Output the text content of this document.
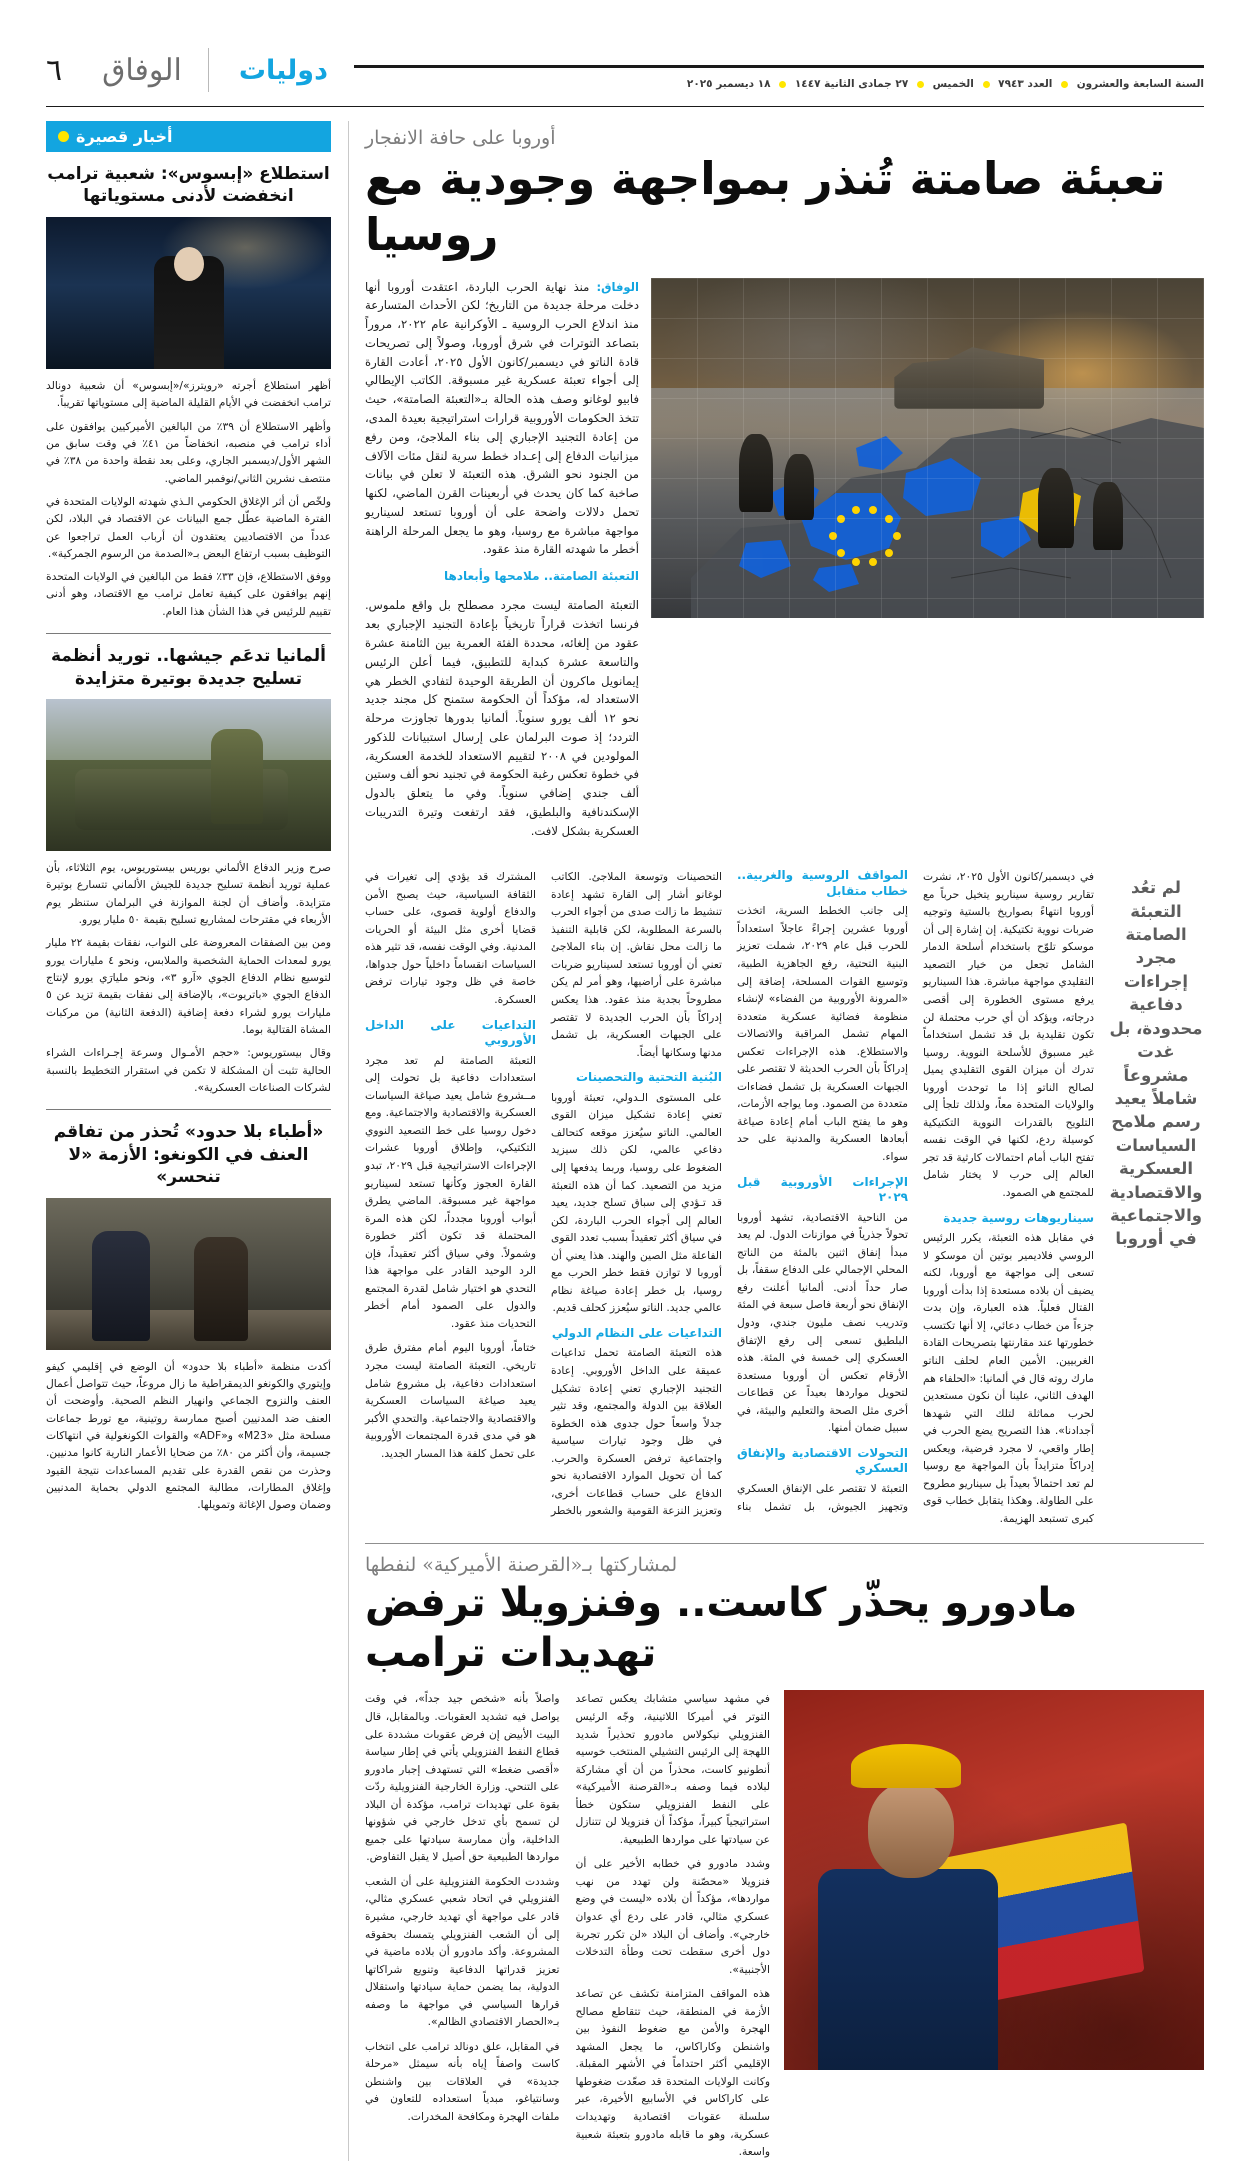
السنة السابعة والعشرون  العدد ٧٩٤٣  الخميس  ٢٧ جمادى الثانية ١٤٤٧  ١٨ ديسمبر ٢٠٢٥
دوليات
الوفاق
٦
أوروبا على حافة الانفجار
تعبئة صامتة تُنذر بمواجهة وجودية مع روسيا

الوفاق: منذ نهاية الحرب الباردة، اعتقدت أوروبا أنها دخلت مرحلة جديدة من التاريخ؛ لكن الأحداث المتسارعة منذ اندلاع الحرب الروسية ـ الأوكرانية عام ٢٠٢٢، مروراً بتصاعد التوترات في شرق أوروبا، وصولاً إلى تصريحات قادة الناتو في ديسمبر/كانون الأول ٢٠٢٥، أعادت القارة إلى أجواء تعبئة عسكرية غير مسبوقة. الكاتب الإيطالي فابيو لوغانو وصف هذه الحالة بـ«التعبئة الصامتة»، حيث تتخذ الحكومات الأوروبية قرارات استراتيجية بعيدة المدى، من إعادة التجنيد الإجباري إلى بناء الملاجئ، ومن رفع ميزانيات الدفاع إلى إعـداد خطط سرية لنقل مئات الآلاف من الجنود نحو الشرق. هذه التعبئة لا تعلن في بيانات صاخبة كما كان يحدث في أربعينات القرن الماضي، لكنها تحمل دلالات واضحة على أن أوروبا تستعد لسيناريو مواجهة مباشرة مع روسيا، وهو ما يجعل المرحلة الراهنة أخطر ما شهدته القارة منذ عقود.

التعبئة الصامتة.. ملامحها وأبعادها

التعبئة الصامتة ليست مجرد مصطلح بل واقع ملموس. فرنسا اتخذت قراراً تاريخياً بإعادة التجنيد الإجباري بعد عقود من إلغائه، محددة الفئة العمرية بين الثامنة عشرة والتاسعة عشرة كبداية للتطبيق، فيما أعلن الرئيس إيمانويل ماكرون أن الطريقة الوحيدة لتفادي الخطر هي الاستعداد له، مؤكداً أن الحكومة ستمنح كل مجند جديد نحو ١٢ ألف يورو سنوياً. ألمانيا بدورها تجاوزت مرحلة التردد؛ إذ صوت البرلمان على إرسال استبيانات للذكور المولودين في ٢٠٠٨ لتقييم الاستعداد للخدمة العسكرية، في خطوة تعكس رغبة الحكومة في تجنيد نحو ألف وستين ألف جندي إضافي سنوياً. وفي ما يتعلق بالدول الإسكندنافية والبلطيق، فقد ارتفعت وتيرة التدريبات العسكرية بشكل لافت.

لم تعُد التعبئة الصامتة مجرد إجراءات دفاعية محدودة، بل غدت مشروعاً شاملاً يعيد رسم ملامح السياسات العسكرية والاقتصادية والاجتماعية في أوروبا

في ديسمبر/كانون الأول ٢٠٢٥، نشرت تقارير روسية سيناريو يتخيل حرباً مع أوروبا انتهاءً بصواريخ بالستية وتوجيه ضربات نووية تكتيكية. إن إشارة إلى أن موسكو تلوّح باستخدام أسلحة الدمار الشامل تجعل من خيار التصعيد التقليدي مواجهة مباشرة. هذا السيناريو يرفع مستوى الخطورة إلى أقصى درجاته، ويؤكد أن أي حرب محتملة لن تكون تقليدية بل قد تشمل استخداماً غير مسبوق للأسلحة النووية. روسيا تدرك أن ميزان القوى التقليدي يميل لصالح الناتو إذا ما توحدت أوروبا والولايات المتحدة معاً، ولذلك تلجأ إلى التلويح بالقدرات النووية التكتيكية كوسيلة ردع، لكنها في الوقت نفسه تفتح الباب أمام احتمالات كارثية قد تجر العالم إلى حرب لا يختار شامل للمجتمع هي الصمود.

سيناريوهات روسية جديدة

في مقابل هذه التعبئة، يكرر الرئيس الروسي فلاديمير بوتين أن موسكو لا تسعى إلى مواجهة مع أوروبا، لكنه يضيف أن بلاده مستعدة إذا بدأت أوروبا القتال فعلياً. هذه العبارة، وإن بدت جزءاً من خطاب دعائي، إلا أنها تكتسب خطورتها عند مقارنتها بتصريحات القادة الغربيين. الأمين العام لحلف الناتو مارك روته قال في ألمانيا: «الحلفاء هم الهدف الثاني، علينا أن نكون مستعدين لحرب مماثلة لتلك التي شهدها أجدادنا». هذا التصريح يضع الحرب في إطار واقعي، لا مجرد فرضية، ويعكس إدراكاً متزايداً بأن المواجهة مع روسيا لم تعد احتمالاً بعيداً بل سيناريو مطروح على الطاولة. وهكذا يتقابل خطاب قوى كبرى تستبعد الهزيمة.

المواقف الروسية والغربية.. خطاب متقابل

إلى جانب الخطط السرية، اتخذت أوروبا عشرين إجراءً عاجلاً استعداداً للحرب قبل عام ٢٠٢٩، شملت تعزيز البنية التحتية، رفع الجاهزية الطبية، وتوسيع القوات المسلحة، إضافة إلى «المرونة الأوروبية من الفضاء» لإنشاء منظومة فضائية عسكرية متعددة المهام تشمل المراقبة والاتصالات والاستطلاع. هذه الإجراءات تعكس إدراكاً بأن الحرب الحديثة لا تقتصر على الجبهات العسكرية بل تشمل فضاءات متعددة من الصمود. وما يواجه الأزمات، وهو ما يفتح الباب أمام إعادة صياغة أبعادها العسكرية والمدنية على حد سواء.

الإجراءات الأوروبية قبل ٢٠٢٩

من الناحية الاقتصادية، تشهد أوروبا تحولاً جذرياً في موازنات الدول. لم يعد مبدأ إنفاق اثنين بالمئة من الناتج المحلي الإجمالي على الدفاع سقفاً، بل صار حداً أدنى. ألمانيا أعلنت رفع الإنفاق نحو أربعة فاصل سبعة في المئة وتدريب نصف مليون جندي، ودول البلطيق تسعى إلى رفع الإتفاق العسكري إلى خمسة في المئة. هذه الأرقام تعكس أن أوروبا مستعدة لتحويل مواردها بعيداً عن قطاعات أخرى مثل الصحة والتعليم والبيئة، في سبيل ضمان أمنها.

التحولات الاقتصادية والإنفاق العسكري

التعبئة لا تقتصر على الإنفاق العسكري وتجهيز الجيوش، بل تشمل بناء التحصينات وتوسعة الملاجئ. الكاتب لوغانو أشار إلى القارة تشهد إعادة تنشيط ما زالت صدى من أجواء الحرب بالسرعة المطلوبة، لكن قابلية التنفيذ ما زالت محل نقاش. إن بناء الملاجئ تعني أن أوروبا تستعد لسيناريو ضربات مباشرة على أراضيها، وهو أمر لم يكن مطروحاً بجدية منذ عقود. هذا يعكس إدراكاً بأن الحرب الجديدة لا تقتصر على الجبهات العسكرية، بل تشمل مدنها وسكانها أيضاً.

البُنية التحتية والتحصينات

على المستوى الـدولي، تعبئة أوروبا تعني إعادة تشكيل ميزان القوى العالمي. الناتو سيُعزز موقعه كتحالف دفاعي عالمي، لكن ذلك سيزيد الضغوط على روسيا، وربما يدفعها إلى مزيد من التصعيد. كما أن هذه التعبئة قد تـؤدي إلى سباق تسلح جديد، يعيد العالم إلى أجواء الحرب الباردة، لكن في سياق أكثر تعقيداً بسبب تعدد القوى الفاعلة مثل الصين والهند. هذا يعني أن أوروبا لا توازن فقط خطر الحرب مع روسيا، بل خطر إعادة صياغة نظام عالمي جديد. الناتو سيُعزز كحلف قديم.

التداعيات على النظام الدولي

هذه التعبئة الصامتة تحمل تداعيات عميقة على الداخل الأوروبي. إعادة التجنيد الإجباري تعني إعادة تشكيل العلاقة بين الدولة والمجتمع، وقد تثير جدلاً واسعاً حول جدوى هذه الخطوة في ظل وجود تيارات سياسية واجتماعية ترفض العسكرة والحرب. كما أن تحويل الموارد الاقتصادية نحو الدفاع على حساب قطاعات أخرى، وتعزيز النزعة القومية والشعور بالخطر المشترك قد يؤدي إلى تغيرات في الثقافة السياسية، حيث يصبح الأمن والدفاع أولوية قصوى، على حساب قضايا أخرى مثل البيئة أو الحريات المدنية. وفي الوقت نفسه، قد تثير هذه السياسات انقساماً داخلياً حول جدواها، خاصة في ظل وجود تيارات ترفض العسكرة.

التداعيات على الداخل الأوروبي

التعبئة الصامتة لم تعد مجرد استعدادات دفاعية بل تحولت إلى مــشروع شامل يعيد صياغة السياسات العسكرية والاقتصادية والاجتماعية. ومع دخول روسيا على خط التصعيد النووي التكتيكي، وإطلاق أوروبا عشرات الإجراءات الاستراتيجية قبل ٢٠٢٩، تبدو القارة العجوز وكأنها تستعد لسيناريو مواجهة غير مسبوقة. الماضي يطرق أبواب أوروبا مجدداً، لكن هذه المرة المحتملة قد تكون أكثر خطورة وشمولاً. وفي سياق أكثر تعقيداً، فإن الرد الوحيد القادر على مواجهة هذا التحدي هو اختيار شامل لقدرة المجتمع والدول على الصمود أمام أخطر التحديات منذ عقود.

ختاماً، أوروبا اليوم أمام مفترق طرق تاريخي. التعبئة الصامتة ليست مجرد استعدادات دفاعية، بل مشروع شامل يعيد صياغة السياسات العسكرية والاقتصادية والاجتماعية. والتحدي الأكبر هو في مدى قدرة المجتمعات الأوروبية على تحمل كلفة هذا المسار الجديد.

لمشاركتها بـ«القرصنة الأميركية» لنفطها
مادورو يحذّر كاست.. وفنزويلا ترفض تهديدات ترامب

في مشهد سياسي متشابك يعكس تصاعد التوتر في أميركا اللاتينية، وجّه الرئيس الفنزويلي نيكولاس مادورو تحذيراً شديد اللهجة إلى الرئيس التشيلي المنتخب خوسيه أنطونيو كاست، محذراً من أن أي مشاركة لبلاده فيما وصفه بـ«القرصنة الأميركية» على النفط الفنزويلي ستكون خطأ استراتيجياً كبيراً، مؤكداً أن فنزويلا لن تتنازل عن سيادتها على مواردها الطبيعية.

وشدد مادورو في خطابه الأخير على أن فنزويلا «محصّنة ولن تهدد من نهب مواردها»، مؤكداً أن بلاده «ليست في وضع عسكري مثالي، قادر على ردع أي عدوان خارجي». وأضاف أن البلاد «لن تكرر تجربة دول أخرى سقطت تحت وطأة التدخلات الأجنبية».

هذه المواقف المتزامنة تكشف عن تصاعد الأزمة في المنطقة، حيث تتقاطع مصالح الهجرة والأمن مع ضغوط النفوذ بين واشنطن وكاراكاس، ما يجعل المشهد الإقليمي أكثر احتداماً في الأشهر المقبلة. وكانت الولايات المتحدة قد صعّدت ضغوطها على كاراكاس في الأسابيع الأخيرة، عبر سلسلة عقوبات اقتصادية وتهديدات عسكرية، وهو ما قابله مادورو بتعبئة شعبية واسعة.

واصلاً بأنه «شخص جيد جداً»، في وقت يواصل فيه تشديد العقوبات. وبالمقابل، قال البيت الأبيض إن فرض عقوبات مشددة على قطاع النفط الفنزويلي يأتي في إطار سياسة «أقصى ضغط» التي تستهدف إجبار مادورو على التنحي. وزارة الخارجية الفنزويلية ردّت بقوة على تهديدات ترامب، مؤكدة أن البلاد لن تسمح بأي تدخل خارجي في شؤونها الداخلية، وأن ممارسة سيادتها على جميع مواردها الطبيعية حق أصيل لا يقبل التفاوض.

وشددت الحكومة الفنزويلية على أن الشعب الفنزويلي في اتحاد شعبي عسكري مثالي، قادر على مواجهة أي تهديد خارجي، مشيرة إلى أن الشعب الفنزويلي يتمسك بحقوقه المشروعة. وأكد مادورو أن بلاده ماضية في تعزيز قدراتها الدفاعية وتنويع شراكاتها الدولية، بما يضمن حماية سيادتها واستقلال قرارها السياسي في مواجهة ما وصفه بـ«الحصار الاقتصادي الظالم».

في المقابل، علق دونالد ترامب على انتخاب كاست واصفاً إياه بأنه سيمثل «مرحلة جديدة» في العلاقات بين واشنطن وسانتياغو، مبدياً استعداده للتعاون في ملفات الهجرة ومكافحة المخدرات.

أخبار قصيرة
استطلاع «إبسوس»: شعبية ترامب انخفضت لأدنى مستوياتها

أظهر استطلاع أجرته «رويترز»/«إبسوس» أن شعبية دونالد ترامب انخفضت في الأيام القليلة الماضية إلى مستوياتها تقريباً.

وأظهر الاستطلاع أن ٣٩٪ من البالغين الأميركيين يوافقون على أداء ترامب في منصبه، انخفاضاً من ٤١٪ في وقت سابق من الشهر الأول/ديسمبر الجاري، وعلى بعد نقطة واحدة من ٣٨٪ في منتصف نشرين الثاني/نوفمبر الماضي.

ولخّص أن أثر الإغلاق الحكومي الـذي شهدته الولايات المتحدة في الفترة الماضية عطّل جمع البيانات عن الاقتصاد في البلاد، لكن عدداً من الاقتصاديين يعتقدون أن أرباب العمل تراجعوا عن التوظيف بسبب ارتفاع البعض بـ«الصدمة من الرسوم الجمركية».

ووفق الاستطلاع، فإن ٣٣٪ فقط من البالغين في الولايات المتحدة إنهم يوافقون على كيفية تعامل ترامب مع الاقتصاد، وهو أدنى تقييم للرئيس في هذا الشأن هذا العام.

ألمانيا تدعَم جيشها.. توريد أنظمة تسليح جديدة بوتيرة متزايدة

صرح وزير الدفاع الألماني بوريس بيستوريوس، يوم الثلاثاء، بأن عملية توريد أنظمة تسليح جديدة للجيش الألماني تتسارع بوتيرة متزايدة. وأضاف أن لجنة الموازنة في البرلمان ستنظر يوم الأربعاء في مقترحات لمشاريع تسليح بقيمة ٥٠ مليار يورو.

ومن بين الصفقات المعروضة على النواب، نفقات بقيمة ٢٢ مليار يورو لمعدات الحماية الشخصية والملابس، ونحو ٤ مليارات يورو لتوسيع نظام الدفاع الجوي «آرو ٣»، ونحو مليارَي يورو لإنتاج الدفاع الجوي «باتريوت»، بالإضافة إلى نفقات بقيمة تزيد عن ٥ مليارات يورو لشراء دفعة إضافية (الدفعة الثانية) من مركبات المشاة القتالية بوما.

وقال بيستوريوس: «حجم الأمـوال وسرعة إجـراءات الشراء الحالية تثبت أن المشكلة لا تكمن في استقرار التخطيط بالنسبة لشركات الصناعات العسكرية».

«أطباء بلا حدود» تُحذر من تفاقم العنف في الكونغو: الأزمة «لا تنحسر»

أكدت منظمة «أطباء بلا حدود» أن الوضع في إقليمي كيفو وإيتوري والكونغو الديمقراطية ما زال مروعاً، حيث تتواصل أعمال العنف والنزوح الجماعي وانهيار النظم الصحية. وأوضحت أن العنف ضد المدنيين أصبح ممارسة روتينية، مع تورط جماعات مسلحة مثل «M23» و«ADF» والقوات الكونغولية في انتهاكات جسيمة، وأن أكثر من ٨٠٪ من ضحايا الأعمار النارية كانوا مدنيين. وحذرت من نقص القدرة على تقديم المساعدات نتيجة القيود وإغلاق المطارات، مطالبة المجتمع الدولي بحماية المدنيين وضمان وصول الإغاثة وتمويلها.
